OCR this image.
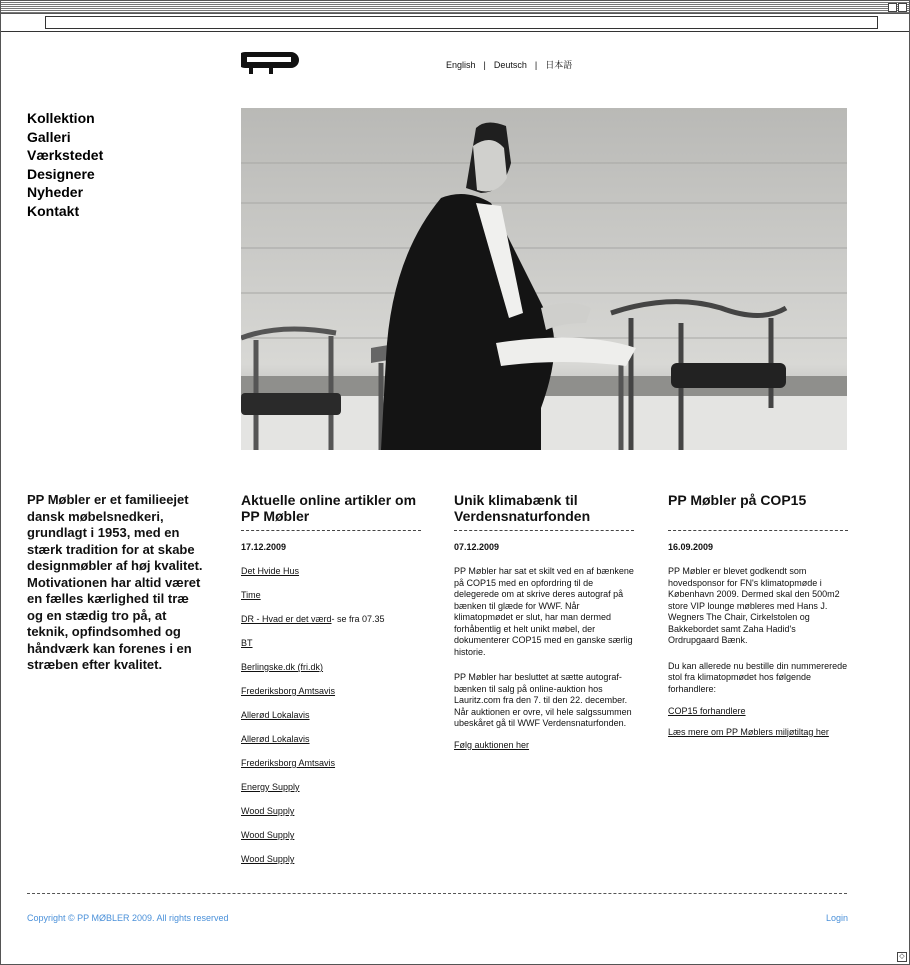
◇
English | Deutsch | 日本語
Kollektion
Galleri
Værkstedet
Designere
Nyheder
Kontakt
PP Møbler er et familieejet dansk møbelsnedkeri, grundlagt i 1953, med en stærk tradition for at skabe designmøbler af høj kvalitet. Motivationen har altid været en fælles kærlighed til træ og en stædig tro på, at teknik, opfindsomhed og håndværk kan forenes i en stræben efter kvalitet.
Aktuelle online artikler om PP Møbler
17.12.2009
Det Hvide Hus
Time
DR - Hvad er det værd- se fra 07.35
BT
Berlingske.dk (fri.dk)
Frederiksborg Amtsavis
Allerød Lokalavis
Allerød Lokalavis
Frederiksborg Amtsavis
Energy Supply
Wood Supply
Wood Supply
Wood Supply
Unik klimabænk til Verdensnaturfonden
07.12.2009

PP Møbler har sat et skilt ved en af bænkene på COP15 med en opfordring til de delegerede om at skrive deres autograf på bænken til glæde for WWF. Når klimatopmødet er slut, har man dermed forhåbentlig et helt unikt møbel, der dokumenterer COP15 med en ganske særlig historie.

PP Møbler har besluttet at sætte autograf-bænken til salg på online-auktion hos Lauritz.com fra den 7. til den 22. december. Når auktionen er ovre, vil hele salgssummen ubeskåret gå til WWF Verdensnaturfonden.

Følg auktionen her

PP Møbler på COP15
16.09.2009

PP Møbler er blevet godkendt som hovedsponsor for FN's klimatopmøde i København 2009. Dermed skal den 500m2 store VIP lounge møbleres med Hans J. Wegners The Chair, Cirkelstolen og Bakkebordet samt Zaha Hadid's Ordrupgaard Bænk.

Du kan allerede nu bestille din nummererede stol fra klimatopmødet hos følgende forhandlere:

COP15 forhandlere

Læs mere om PP Møblers miljøtiltag her

Copyright © PP MØBLER 2009. All rights reserved	Login
